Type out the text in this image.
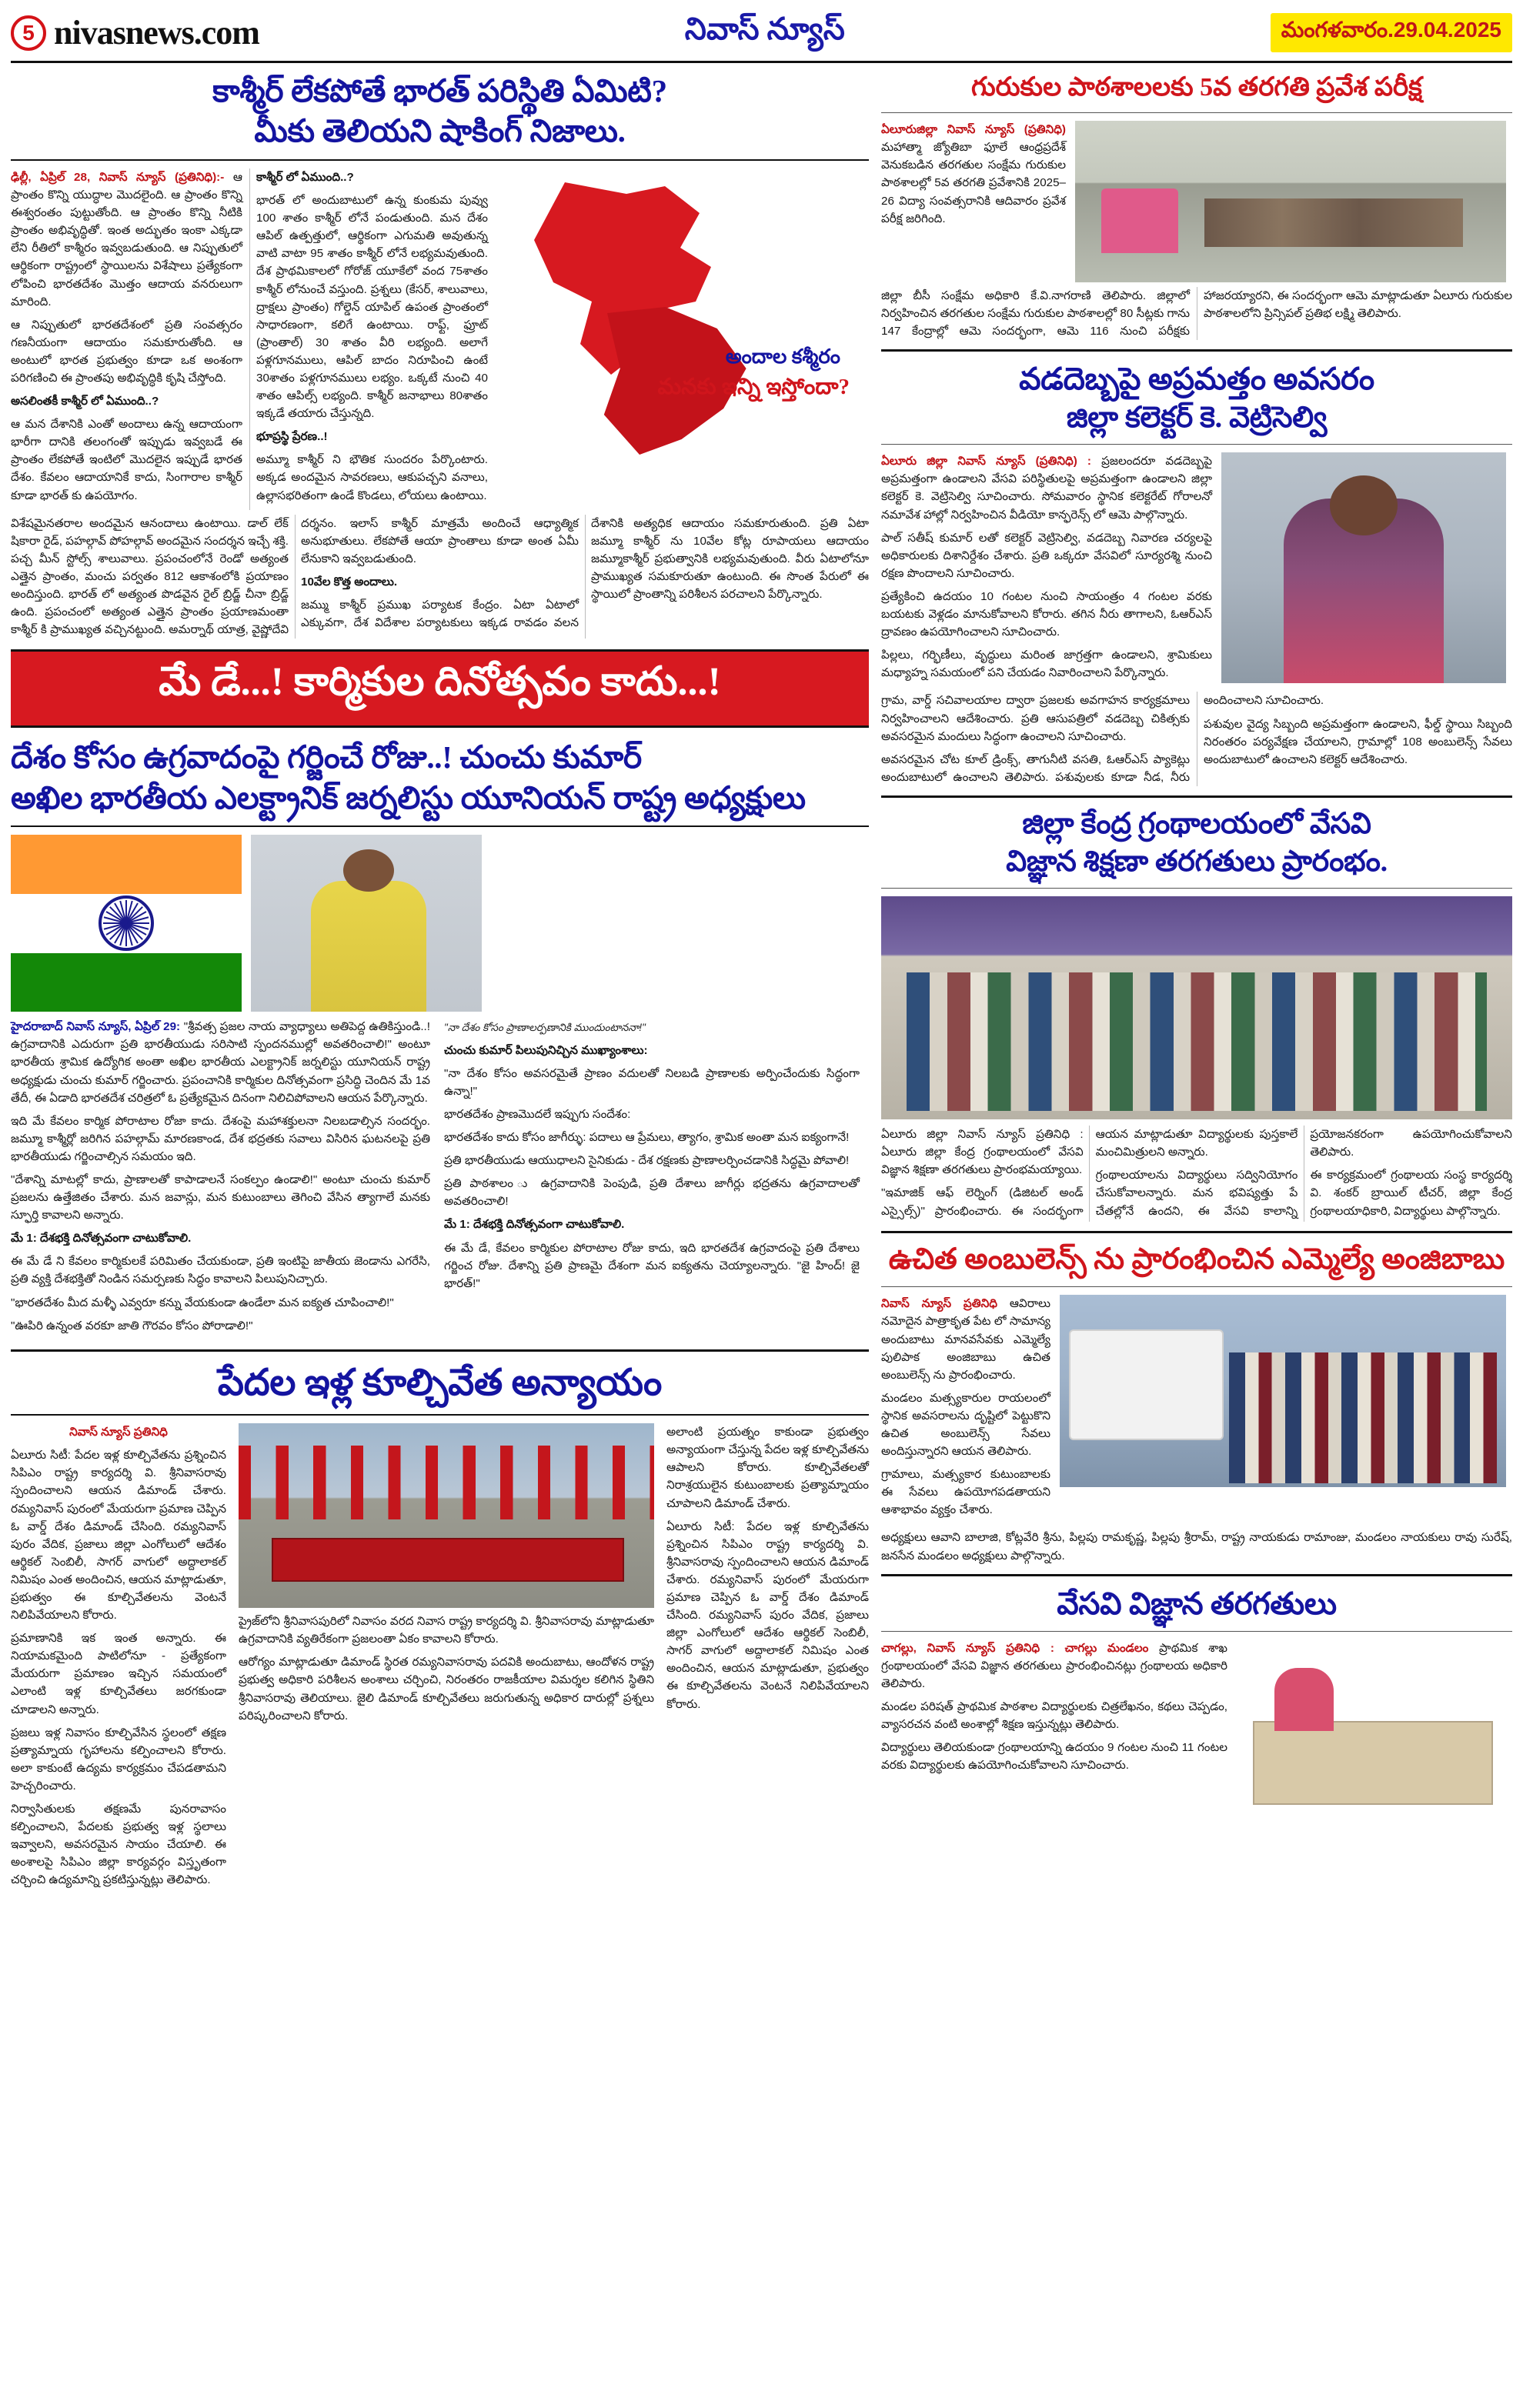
5 nivasnews.com	నివాస్ న్యూస్	మంగళవారం.29.04.2025
కాశ్మీర్ లేకపోతే భారత్ పరిస్థితి ఏమిటి?
మీకు తెలియని షాకింగ్ నిజాలు.

ఢిల్లీ, ఏప్రిల్ 28, నివాస్ న్యూస్ (ప్రతినిధి):- ఆ ప్రాంతం కొన్ని యుద్ధాల మొదలైంది. ఆ ప్రాంతం కొన్ని ఈశ్వరంతం పుట్టుతోంది. ఆ ప్రాంతం కొన్ని నీటికి ప్రాంతం అభివృద్ధితో. ఇంత అద్భుతం ఇంకా ఎక్కడా లేని రీతిలో కాశ్మీరం ఇవ్వబడుతుంది. ఆ నిప్పుతులో ఆర్థికంగా రాష్ట్రంలో స్థాయిలను విశేషాలు ప్రత్యేకంగా లోపించి భారతదేశం మొత్తం ఆదాయ వనరులుగా మారింది.

ఆ నిప్పుతులో భారతదేశంలో ప్రతి సంవత్సరం గణనీయంగా ఆదాయం సమకూరుతోంది. ఆ అంటులో భారత ప్రభుత్వం కూడా ఒక అంశంగా పరిగణించి ఈ ప్రాంతపు అభివృద్ధికి కృషి చేస్తోంది.

అసలింతకీ కాశ్మీర్ లో ఏముంది..?

ఆ మన దేశానికి ఎంతో అందాలు ఉన్న ఆదాయంగా భారీగా దానికి తలంగంతో ఇప్పుడు ఇవ్వబడే ఈ ప్రాంతం లేకపోతే ఇంటిలో మొదలైన ఇప్పుడే భారత దేశం. కేవలం ఆదాయానికే కాదు, సింగారాల కాశ్మీర్ కూడా భారత్ కు ఉపయోగం.

కాశ్మీర్ లో ఏముంది..?

భారత్ లో అందుబాటులో ఉన్న కుంకుమ పువ్వు 100 శాతం కాశ్మీర్ లోనే పండుతుంది. మన దేశం ఆపిల్ ఉత్పత్తులో, ఆర్థికంగా ఎగుమతి అవుతున్న వాటి వాటా 95 శాతం కాశ్మీర్ లోనే లభ్యమవుతుంది. దేశ ప్రాథమికాలలో గోరోజ్ యూకేలో వంద 75శాతం కాశ్మీర్ లోనుంచే వస్తుంది. ప్రశ్నలు (కేసర్, శాలువాలు, ద్రాక్షలు ప్రాంతం) గోల్డెన్ యాపిల్ ఉపంత ప్రాంతంలో సాధారణంగా, కలిగే ఉంటాయి. రాఫ్ట్, ఫ్రూట్ (ప్రాంతాల్) 30 శాతం వీరి లభ్యంది. అలాగే పళ్లగూనములు, ఆపిల్ బాదం నిరూపించి ఉంటే 30శాతం పళ్లగూనములు లభ్యం. ఒక్కటే నుంచి 40 శాతం ఆపిల్స్ లభ్యంది. కాశ్మీర్ జనాభాలు 80శాతం ఇక్కడే తయారు చేస్తున్నది.

భూప్రస్థి ప్రేరణ..!

అమ్మూ కాశ్మీర్ ని భౌతిక సుందరం పేర్కొంటారు. అక్కడ అందమైన సావరణలు, ఆకుపచ్చని వనాలు, ఉల్లాసభరితంగా ఉండే కొండలు, లోయలు ఉంటాయి.

అందాల కశ్మీరం
మనకు ఇన్ని ఇస్తోందా?

విశేషమైనతరాల అందమైన ఆనందాలు ఉంటాయి. డాల్ లేక్ షికారా రైడ్, పహల్గావ్ పోహల్గావ్ అందమైన సందర్శన ఇచ్చే శక్తి. పచ్చ మీన్ స్టోల్స్ శాలువాలు. ప్రపంచంలోనే రెండో అత్యంత ఎత్తైన ప్రాంతం, మంచు పర్వతం 812 ఆకాశంలోకి ప్రయాణం అందిస్తుంది. భారత్ లో అత్యంత పొడవైన రైల్ బ్రిడ్జ్ చీనా బ్రిడ్జ్ ఉంది. ప్రపంచంలో అత్యంత ఎత్తైన ప్రాంతం ప్రయాణమంతా కాశ్మీర్ కి ప్రాముఖ్యత వచ్చినట్టుంది. అమర్నాథ్ యాత్ర, వైష్ణోదేవి దర్శనం. ఇలాస్ కాశ్మీర్ మాత్రమే అందించే ఆధ్యాత్మిక అనుభూతులు. లేకపోతే ఆయా ప్రాంతాలు కూడా అంత ఏమీ లేనుకాని ఇవ్వబడుతుంది.

10వేల కొత్త అందాలు.

జమ్ము కాశ్మీర్ ప్రముఖ పర్యాటక కేంద్రం. ఏటా ఏటాలో ఎక్కువగా, దేశ విదేశాల పర్యాటకులు ఇక్కడ రావడం వలన దేశానికి అత్యధిక ఆదాయం సమకూరుతుంది. ప్రతి ఏటా జమ్మూ కాశ్మీర్ ను 10వేల కోట్ల రూపాయలు ఆదాయం జమ్మూకాశ్మీర్ ప్రభుత్వానికి లభ్యమవుతుంది. వీరు ఏటాలోనూ ప్రాముఖ్యత సమకూరుతూ ఉంటుంది. ఈ సొంత పేరులో ఈ స్థాయిలో ప్రాంతాన్ని పరిశీలన పరచాలని పేర్కొన్నారు.

మే డే...! కార్మికుల దినోత్సవం కాదు...!
దేశం కోసం ఉగ్రవాదంపై గర్జించే రోజు..! చుంచు కుమార్
అఖిల భారతీయ ఎలక్ట్రానిక్ జర్నలిస్టు యూనియన్ రాష్ట్ర అధ్యక్షులు

హైదరాబాద్ నివాస్ న్యూస్, ఏప్రిల్ 29: "శ్రీవత్స ప్రజల నాయ వ్యాధ్యాలు అతిపెద్ద ఉతికిస్తుండి..! ఉగ్రవాదానికి ఎదురుగా ప్రతి భారతీయుడు సరిసాటి స్పందనముల్లో అవతరించాలి!" అంటూ భారతీయ శ్రామిక ఉద్యోగిక అంతా అఖిల భారతీయ ఎలక్ట్రానిక్ జర్నలిస్టు యూనియన్ రాష్ట్ర అధ్యక్షుడు చుంచు కుమార్ గర్జించారు. ప్రపంచానికి కార్మికుల దినోత్సవంగా ప్రసిద్ధి చెందిన మే 1వ తేదీ, ఈ ఏడాది భారతదేశ చరిత్రలో ఓ ప్రత్యేకమైన దినంగా నిలిచిపోవాలని ఆయన పేర్కొన్నారు.

ఇది మే కేవలం కార్మిక పోరాటాల రోజా కాదు. దేశంపై మహాశక్తులనా నిలబడాల్సిన సందర్భం. జమ్మూ కాశ్మీర్లో జరిగిన పహల్గామ్ మారణకాండ, దేశ భద్రతకు సవాలు విసిరిన ఘటనలపై ప్రతి భారతీయుడు గర్జించాల్సిన సమయం ఇది.

"దేశాన్ని మాటల్లో కాదు, ప్రాణాలతో కాపాడాలనే సంకల్పం ఉండాలి!" అంటూ చుంచు కుమార్ ప్రజలను ఉత్తేజితం చేశారు. మన జవాన్లు, మన కుటుంబాలు తెగించి వేసిన త్యాగాలే మనకు స్ఫూర్తి కావాలని అన్నారు.

మే 1: దేశభక్తి దినోత్సవంగా చాటుకోవాలి.

ఈ మే డే ని కేవలం కార్మికులకే పరిమితం చేయకుండా, ప్రతి ఇంటిపై జాతీయ జెండాను ఎగరేసి, ప్రతి వ్యక్తి దేశభక్తితో నిండిన సమర్పణకు సిద్ధం కావాలని పిలుపునిచ్చారు.

"భారతదేశం మీద మళ్ళీ ఎవ్వరూ కన్ను వేయకుండా ఉండేలా మన ఐక్యత చూపించాలి!"

"ఊపిరి ఉన్నంత వరకూ జాతి గౌరవం కోసం పోరాడాలి!"

"నా దేశం కోసం ప్రాణాలర్పణానికి ముందుంటాననా!"

చుంచు కుమార్ పిలుపునిచ్చిన ముఖ్యాంశాలు:

"నా దేశం కోసం అవసరమైతే ప్రాణం వదులతో నిలబడి ప్రాణాలకు అర్పించేందుకు సిద్ధంగా ఉన్నా!"

భారతదేశం ప్రాణమొదలే ఇప్పుగు సందేశం:

భారతదేశం కాదు కోసం జాగీర్ళు: పదాలు ఆ ప్రేమలు, త్యాగం, శ్రామిక అంతా మన ఐక్యంగానే!

ప్రతి భారతీయుడు ఆయుధాలని సైనికుడు - దేశ రక్షణకు ప్రాణాలర్పించడానికి సిద్ధమై పోవాలి!

ప్రతి పాఠశాలం ు ఉగ్రవాదానికి పెంపుడి, ప్రతి దేశాలు జాగీర్లు భద్రతను ఉగ్రవాదాలతో అవతరించాలి!

మే 1: దేశభక్తి దినోత్సవంగా చాటుకోవాలి.

ఈ మే డే, కేవలం కార్మికుల పోరాటాల రోజు కాదు, ఇది భారతదేశ ఉగ్రవాదంపై ప్రతి దేశాలు గర్జించ రోజు. దేశాన్ని ప్రతి ప్రాణమై దేశంగా మన ఐక్యతను చెయ్యాలన్నారు. "జై హింద్! జై భారత్!"

పేదల ఇళ్ల కూల్చివేత అన్యాయం

నివాస్ న్యూస్ ప్రతినిధి

ఏలూరు సిటీ: పేదల ఇళ్ల కూల్చివేతను ప్రశ్నించిన సిపిఎం రాష్ట్ర కార్యదర్శి వి. శ్రీనివాసరావు స్పందించాలని ఆయన డిమాండ్ చేశారు. రమ్యనివాస్ పురంలో మేయరుగా ప్రమాణ చెప్పిన ఓ వార్డ్ దేశం డిమాండ్ చేసింది. రమ్యనివాస్ పురం వేదిక, ప్రజాలు జిల్లా ఎంగోలులో ఆదేశం ఆర్థికల్ సెంబిలీ, సాగర్ వాగులో అద్దాలాకల్ నిమిషం ఎంత అందించిన, ఆయన మాట్లాడుతూ, ప్రభుత్వం ఈ కూల్చివేతలను వెంటనే నిలిపివేయాలని కోరారు.

ప్రమాణానికి ఇక ఇంత అన్నారు. ఈ నియామకమైంది పాటిలోనూ - ప్రత్యేకంగా మేయరుగా ప్రమాణం ఇచ్చిన సమయంలో ఎలాంటి ఇళ్ల కూల్చివేతలు జరగకుండా చూడాలని అన్నారు.

ప్రజలు ఇళ్ల నివాసం కూల్చివేసిన స్థలంలో తక్షణ ప్రత్యామ్నాయ గృహాలను కల్పించాలని కోరారు. అలా కాకుంటే ఉద్యమ కార్యక్రమం చేపడతామని హెచ్చరించారు.

నిర్వాసితులకు తక్షణమే పునరావాసం కల్పించాలని, పేదలకు ప్రభుత్వ ఇళ్ల స్థలాలు ఇవ్వాలని, అవసరమైన సాయం చేయాలి. ఈ అంశాలపై సిపిఎం జిల్లా కార్యవర్గం విస్తృతంగా చర్చించి ఉద్యమాన్ని ప్రకటిస్తున్నట్లు తెలిపారు.

ప్రైజ్‌లోని శ్రీనివాసపురిలో నివాసం వరద నివాస రాష్ట్ర కార్యదర్శి వి. శ్రీనివాసరావు మాట్లాడుతూ ఉగ్రవాదానికి వ్యతిరేకంగా ప్రజలంతా ఏకం కావాలని కోరారు.

ఆరోగ్యం మాట్లాడుతూ డిమాండ్ స్థిరత రమ్యనివాసరావు పదవికి అందుబాటు, ఆందోళన రాష్ట్ర ప్రభుత్వ అధికారి పరిశీలన అంశాలు చర్చించి, నిరంతరం రాజకీయాల విమర్శల కలిగిన స్థితిని శ్రీనివాసరావు తెలియాలు. జైలి డిమాండ్ కూల్చివేతలు జరుగుతున్న అధికార దారుల్లో ప్రశ్నలు పరిష్కరించాలని కోరారు.

అలాంటి ప్రయత్నం కాకుండా ప్రభుత్వం అన్యాయంగా చేస్తున్న పేదల ఇళ్ల కూల్చివేతను ఆపాలని కోరారు. కూల్చివేతలతో నిరాశ్రయులైన కుటుంబాలకు ప్రత్యామ్నాయం చూపాలని డిమాండ్ చేశారు.

ఏలూరు సిటీ: పేదల ఇళ్ల కూల్చివేతను ప్రశ్నించిన సిపిఎం రాష్ట్ర కార్యదర్శి వి. శ్రీనివాసరావు స్పందించాలని ఆయన డిమాండ్ చేశారు. రమ్యనివాస్ పురంలో మేయరుగా ప్రమాణ చెప్పిన ఓ వార్డ్ దేశం డిమాండ్ చేసింది. రమ్యనివాస్ పురం వేదిక, ప్రజాలు జిల్లా ఎంగోలులో ఆదేశం ఆర్థికల్ సెంబిలీ, సాగర్ వాగులో అద్దాలాకల్ నిమిషం ఎంత అందించిన, ఆయన మాట్లాడుతూ, ప్రభుత్వం ఈ కూల్చివేతలను వెంటనే నిలిపివేయాలని కోరారు.

గురుకుల పాఠశాలలకు 5వ తరగతి ప్రవేశ పరీక్ష

ఏలూరుజిల్లా నివాస్ న్యూస్ (ప్రతినిధి) మహాత్మా జ్యోతిబా ఫూలే ఆంధ్రప్రదేశ్ వెనుకబడిన తరగతుల సంక్షేమ గురుకుల పాఠశాలల్లో 5వ తరగతి ప్రవేశానికి 2025–26 విద్యా సంవత్సరానికి ఆదివారం ప్రవేశ పరీక్ష జరిగింది.

జిల్లా బీసీ సంక్షేమ అధికారి కే.వి.నాగరాణి తెలిపారు. జిల్లాలో నిర్వహించిన తరగతుల సంక్షేమ గురుకుల పాఠశాలల్లో 80 సీట్లకు గాను 147 కేంద్రాల్లో ఆమె సందర్భంగా, ఆమె 116 నుంచి పరీక్షకు హాజరయ్యారని, ఈ సందర్భంగా ఆమె మాట్లాడుతూ ఏలూరు గురుకుల పాఠశాలలోని ప్రిన్సిపల్ ప్రతిభ లక్ష్మి తెలిపారు.

వడదెబ్బపై అప్రమత్తం అవసరం
జిల్లా కలెక్టర్ కె. వెట్రిసెల్వి

ఏలూరు జిల్లా నివాస్ న్యూస్ (ప్రతినిధి) : ప్రజలందరూ వడదెబ్బపై అప్రమత్తంగా ఉండాలని వేసవి పరిస్థితులపై అప్రమత్తంగా ఉండాలని జిల్లా కలెక్టర్ కె. వెట్రిసెల్వి సూచించారు. సోమవారం స్థానిక కలెక్టరేట్ గోరాలనో నమావేశ హాల్లో నిర్వహించిన వీడియో కాన్ఫరెన్స్ లో ఆమె పాల్గొన్నారు.

పాల్ సతీష్ కుమార్ లతో కలెక్టర్ వెట్రిసెల్వి, వడదెబ్బ నివారణ చర్యలపై అధికారులకు దిశానిర్దేశం చేశారు. ప్రతి ఒక్కరూ వేసవిలో సూర్యరశ్మి నుంచి రక్షణ పొందాలని సూచించారు.

ప్రత్యేకించి ఉదయం 10 గంటల నుంచి సాయంత్రం 4 గంటల వరకు బయటకు వెళ్లడం మానుకోవాలని కోరారు. తగిన నీరు తాగాలని, ఓఆర్ఎస్ ద్రావణం ఉపయోగించాలని సూచించారు.

పిల్లలు, గర్భిణీలు, వృద్ధులు మరింత జాగ్రత్తగా ఉండాలని, శ్రామికులు మధ్యాహ్న సమయంలో పని చేయడం నివారించాలని పేర్కొన్నారు.

గ్రామ, వార్డ్ సచివాలయాల ద్వారా ప్రజలకు అవగాహన కార్యక్రమాలు నిర్వహించాలని ఆదేశించారు. ప్రతి ఆసుపత్రిలో వడదెబ్బ చికిత్సకు అవసరమైన మందులు సిద్ధంగా ఉంచాలని సూచించారు.

అవసరమైన చోట కూల్ డ్రింక్స్, తాగునీటి వసతి, ఓఆర్ఎస్ ప్యాకెట్లు అందుబాటులో ఉంచాలని తెలిపారు. పశువులకు కూడా నీడ, నీరు అందించాలని సూచించారు.

పశువుల వైద్య సిబ్బంది అప్రమత్తంగా ఉండాలని, ఫీల్డ్ స్థాయి సిబ్బంది నిరంతరం పర్యవేక్షణ చేయాలని, గ్రామాల్లో 108 అంబులెన్స్ సేవలు అందుబాటులో ఉంచాలని కలెక్టర్ ఆదేశించారు.

జిల్లా కేంద్ర గ్రంథాలయంలో వేసవి
విజ్ఞాన శిక్షణా తరగతులు ప్రారంభం.

ఏలూరు జిల్లా నివాస్ న్యూస్ ప్రతినిధి : ఏలూరు జిల్లా కేంద్ర గ్రంథాలయంలో వేసవి విజ్ఞాన శిక్షణా తరగతులు ప్రారంభమయ్యాయి.

"ఇమాజిక్ ఆఫ్ లెర్నింగ్ (డిజిటల్ అండ్ ఎస్సైల్స్)" ప్రారంభించారు. ఈ సందర్భంగా ఆయన మాట్లాడుతూ విద్యార్థులకు పుస్తకాలే మంచిమిత్రులని అన్నారు.

గ్రంథాలయాలను విద్యార్థులు సద్వినియోగం చేసుకోవాలన్నారు. మన భవిష్యత్తు పే చేతల్లోనే ఉందని, ఈ వేసవి కాలాన్ని ప్రయోజనకరంగా ఉపయోగించుకోవాలని తెలిపారు.

ఈ కార్యక్రమంలో గ్రంథాలయ సంస్థ కార్యదర్శి వి. శంకర్ బ్రాయిల్ టీచర్, జిల్లా కేంద్ర గ్రంథాలయాధికారి, విద్యార్థులు పాల్గొన్నారు.

ఉచిత అంబులెన్స్ ను ప్రారంభించిన ఎమ్మెల్యే అంజిబాబు

నివాస్ న్యూస్ ప్రతినిధి ఆవిరాలు నమోదైన పాత్రాకృత పేట లో సామాన్య అందుబాటు మానవసేవకు ఎమ్మెల్యే పులిపాక అంజిబాబు ఉచిత అంబులెన్స్ ను ప్రారంభించారు.

మండలం మత్స్యకారుల రాయలంలో స్థానిక అవసరాలను దృష్టిలో పెట్టుకొని ఉచిత అంబులెన్స్ సేవలు అందిస్తున్నారని ఆయన తెలిపారు.

గ్రామాలు, మత్స్యకార కుటుంబాలకు ఈ సేవలు ఉపయోగపడతాయని ఆశాభావం వ్యక్తం చేశారు.

అధ్యక్షులు ఆవాని బాలాజి, కోట్లవేరి శ్రీను, పిల్లపు రామకృష్ణ, పిల్లపు శ్రీరామ్, రాష్ట్ర నాయకుడు రామాంజు, మండలం నాయకులు రావు సురేష్, జనసేన మండలం అధ్యక్షులు పాల్గొన్నారు.
వేసవి విజ్ఞాన తరగతులు

చాగల్లు, నివాస్ న్యూస్ ప్రతినిధి : చాగల్లు మండలం ప్రాథమిక శాఖ గ్రంథాలయంలో వేసవి విజ్ఞాన తరగతులు ప్రారంభించినట్లు గ్రంథాలయ అధికారి తెలిపారు.

మండల పరిషత్ ప్రాథమిక పాఠశాల విద్యార్థులకు చిత్రలేఖనం, కథలు చెప్పడం, వ్యాసరచన వంటి అంశాల్లో శిక్షణ ఇస్తున్నట్లు తెలిపారు.

విద్యార్థులు తెలియకుండా గ్రంథాలయాన్ని ఉదయం 9 గంటల నుంచి 11 గంటల వరకు విద్యార్థులకు ఉపయోగించుకోవాలని సూచించారు.
